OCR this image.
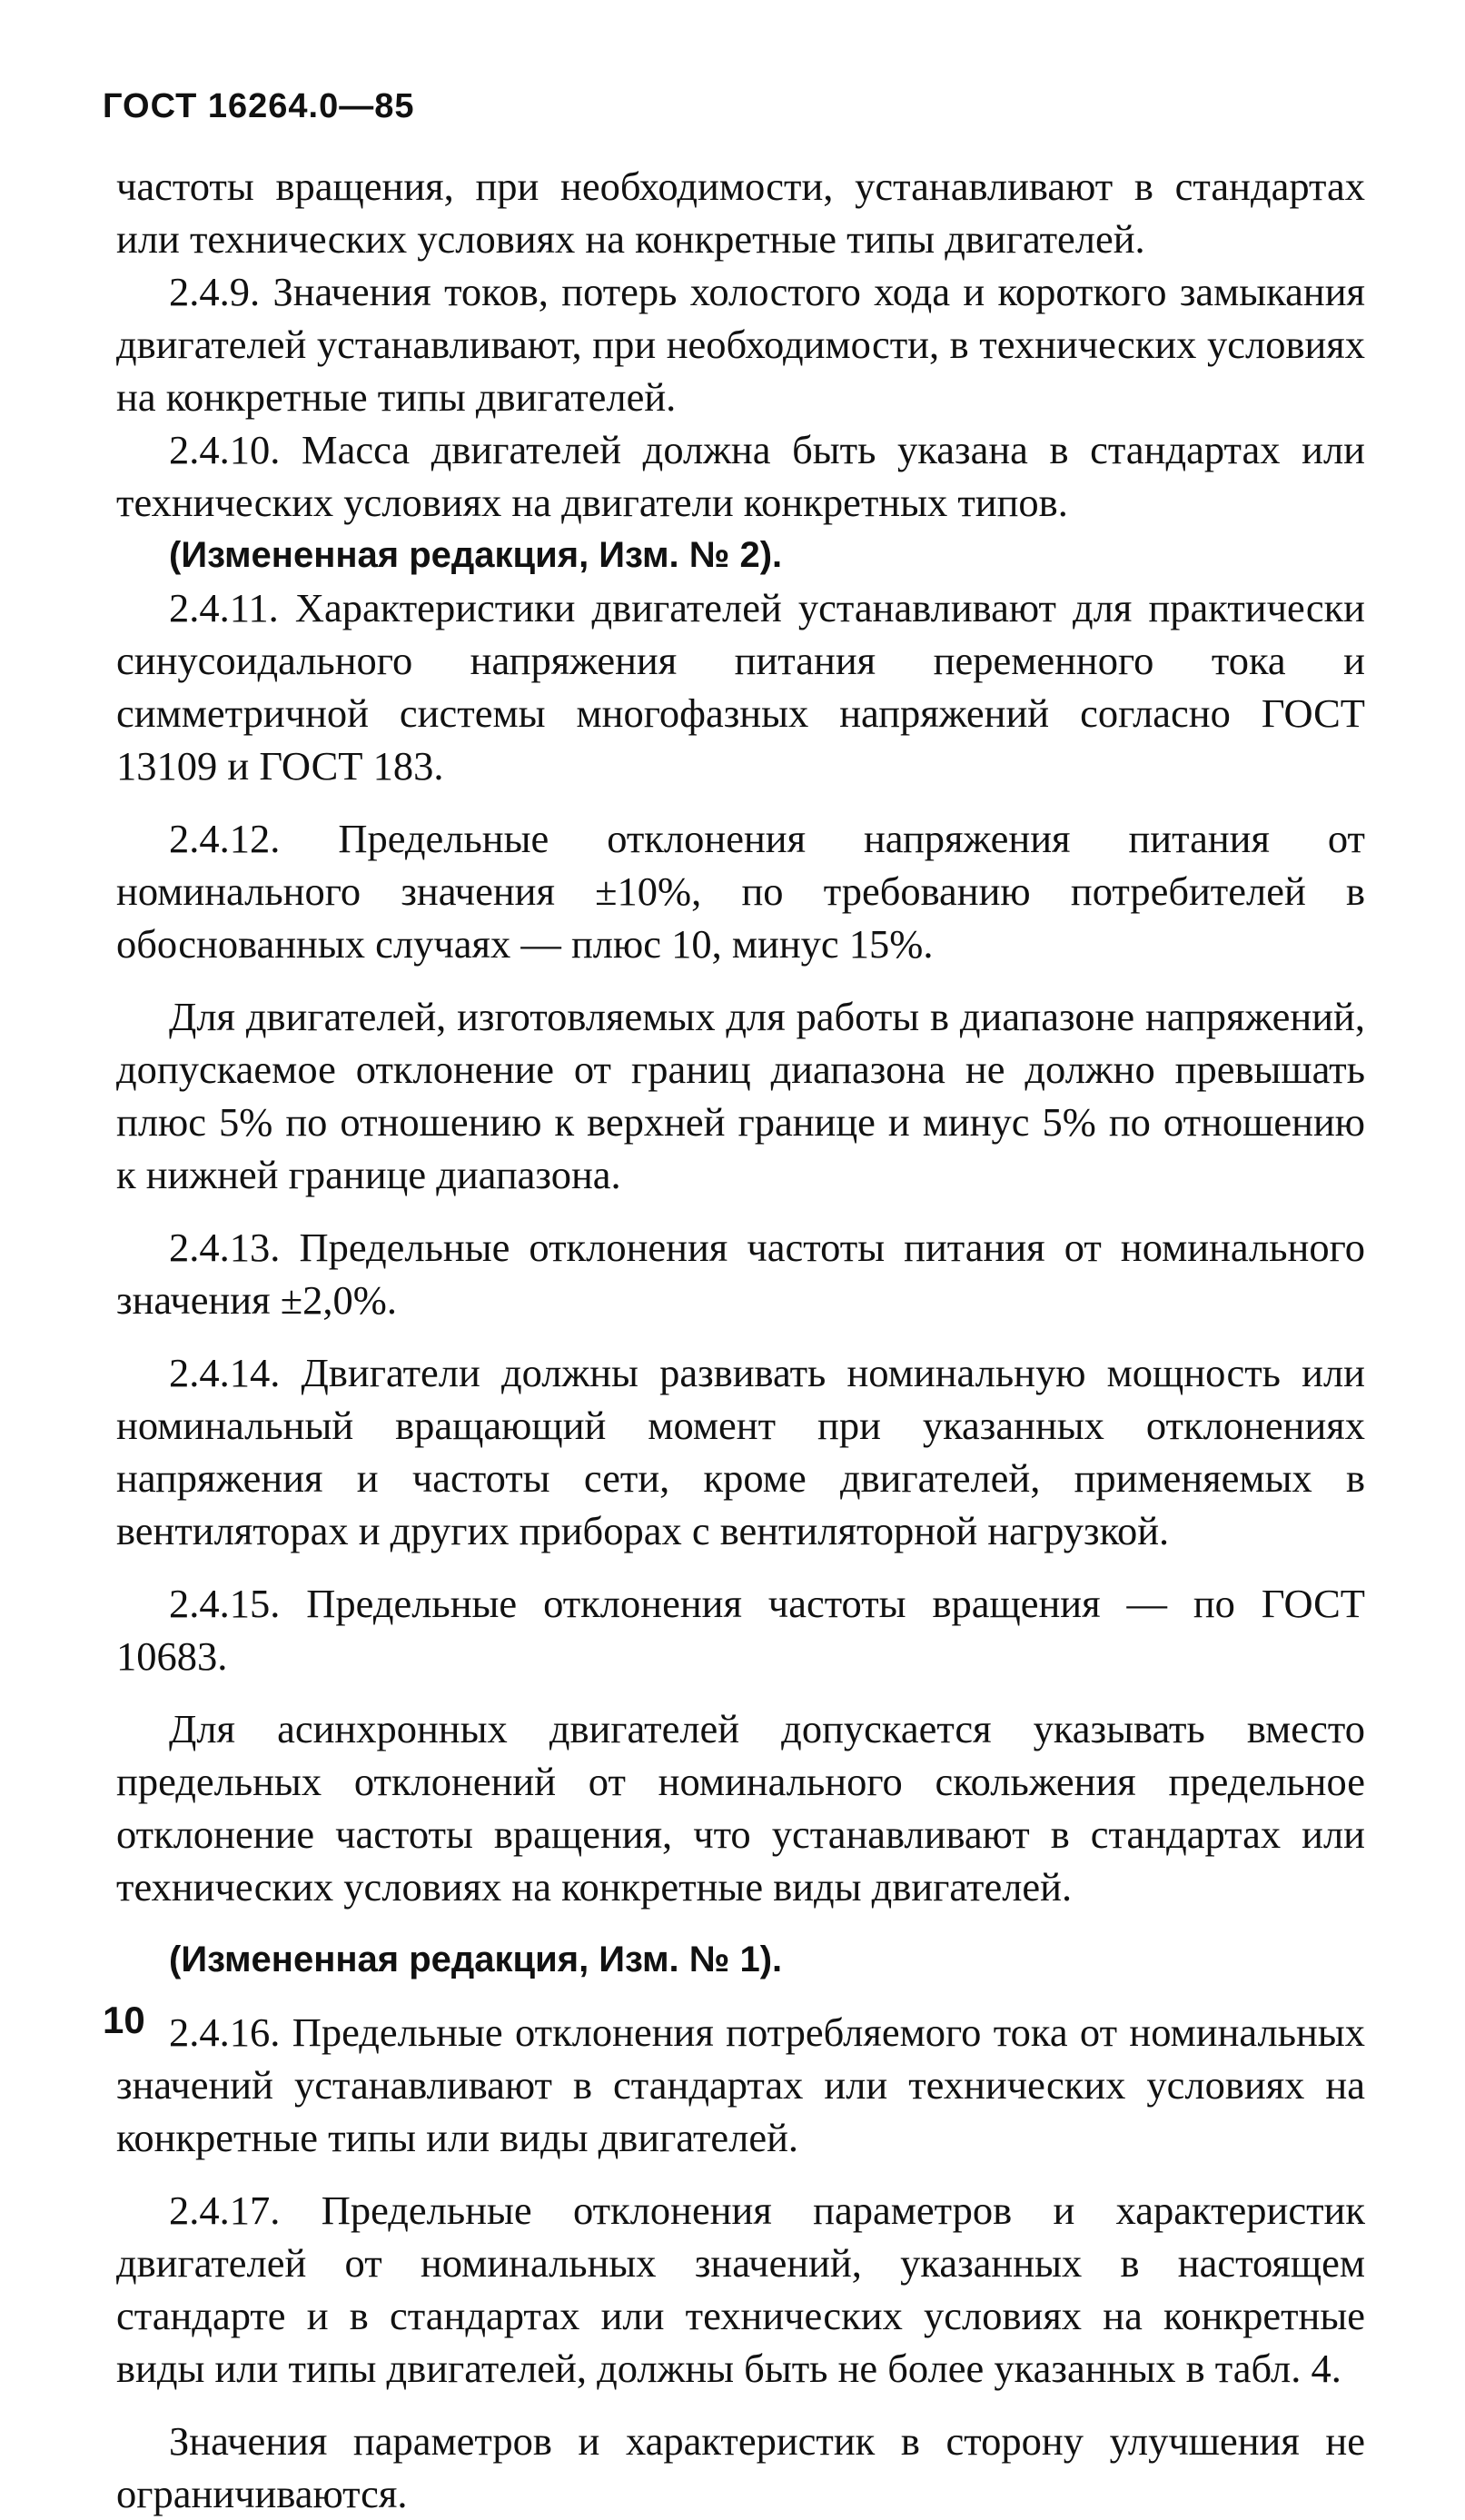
ГОСТ 16264.0—85

частоты вращения, при необходимости, устанавливают в стандартах или технических условиях на конкретные типы двигателей.

2.4.9. Значения токов, потерь холостого хода и короткого замыкания двигателей устанавливают, при необходимости, в технических условиях на конкретные типы двигателей.

2.4.10. Масса двигателей должна быть указана в стандартах или технических условиях на двигатели конкретных типов.

(Измененная редакция, Изм. № 2).

2.4.11. Характеристики двигателей устанавливают для практически синусоидального напряжения питания переменного тока и симметричной системы многофазных напряжений согласно ГОСТ 13109 и ГОСТ 183.

2.4.12. Предельные отклонения напряжения питания от номинального значения ±10%, по требованию потребителей в обоснованных случаях — плюс 10, минус 15%.

Для двигателей, изготовляемых для работы в диапазоне напряжений, допускаемое отклонение от границ диапазона не должно превышать плюс 5% по отношению к верхней границе и минус 5% по отношению к нижней границе диапазона.

2.4.13. Предельные отклонения частоты питания от номинального значения ±2,0%.

2.4.14. Двигатели должны развивать номинальную мощность или номинальный вращающий момент при указанных отклонениях напряжения и частоты сети, кроме двигателей, применяемых в вентиляторах и других приборах с вентиляторной нагрузкой.

2.4.15. Предельные отклонения частоты вращения — по ГОСТ 10683.

Для асинхронных двигателей допускается указывать вместо предельных отклонений от номинального скольжения предельное отклонение частоты вращения, что устанавливают в стандартах или технических условиях на конкретные виды двигателей.

(Измененная редакция, Изм. № 1).

2.4.16. Предельные отклонения потребляемого тока от номинальных значений устанавливают в стандартах или технических условиях на конкретные типы или виды двигателей.

2.4.17. Предельные отклонения параметров и характеристик двигателей от номинальных значений, указанных в настоящем стандарте и в стандартах или технических условиях на конкретные виды или типы двигателей, должны быть не более указанных в табл. 4.

Значения параметров и характеристик в сторону улучшения не ограничиваются.

10
